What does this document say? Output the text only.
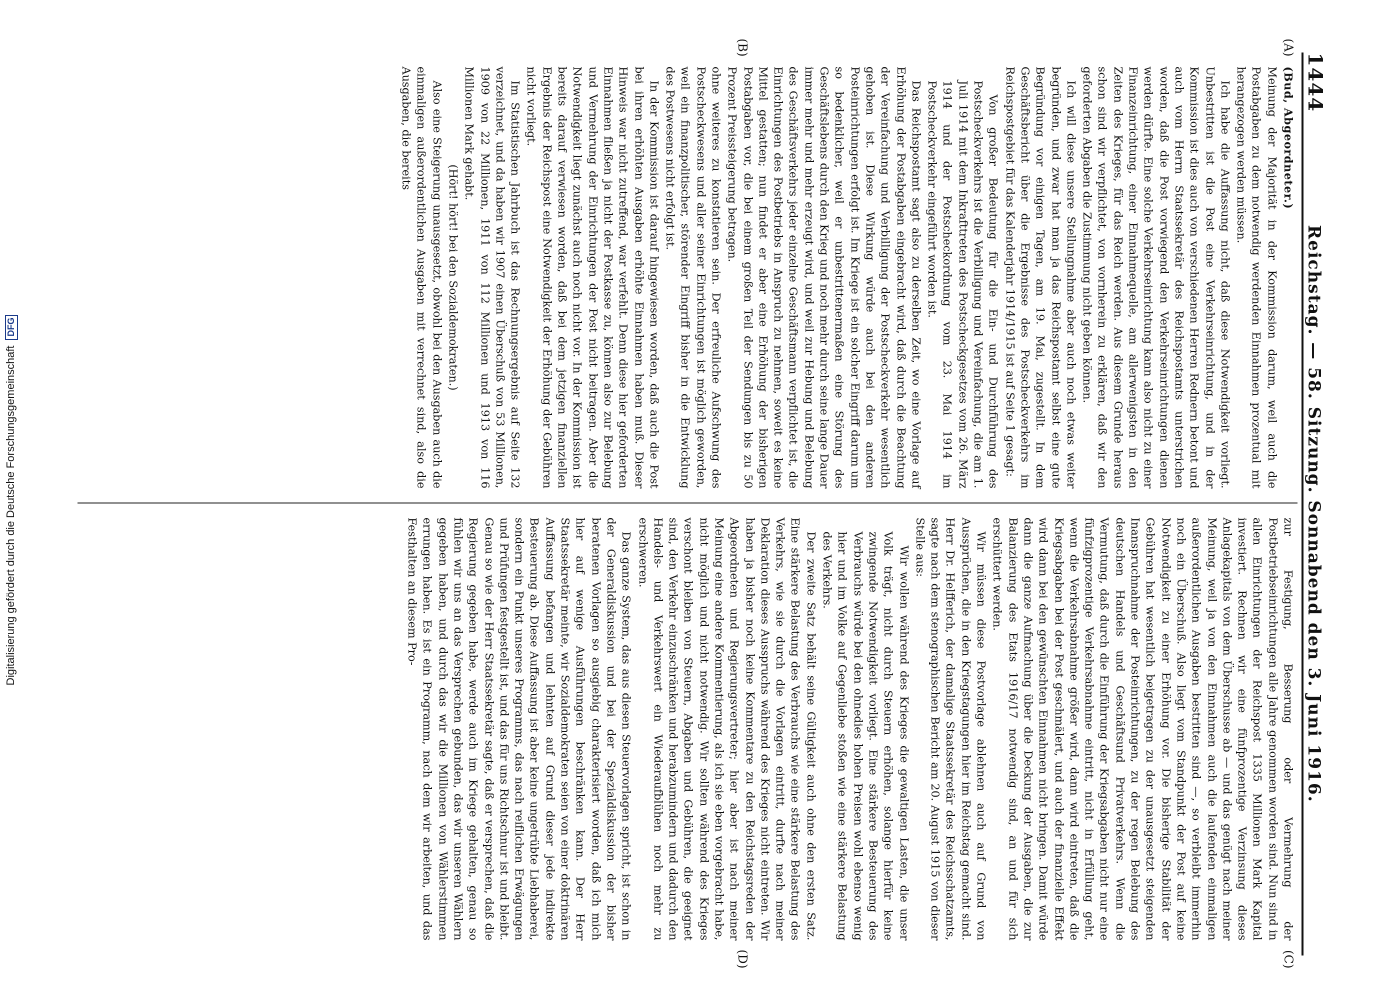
Digitalisierung gefördert durch die Deutsche Forschungsgemeinschaft
DFG
1444
Reichstag. — 58. Sitzung. Sonnabend den 3. Juni 1916.
(A)
(B)

(Bud, Abgeordneter.)

Meinung der Majorität in der Kommission darum, weil auch die Postabgaben zu dem notwendig werdenden Einnahmen prozentual mit herangezogen werden müssen.

Ich habe die Auffassung nicht, daß diese Notwendigkeit vorliegt. Unbestritten ist die Post eine Verkehrseinrichtung, und in der Kommission ist dies auch von verschiedenen Herren Rednern betont und auch vom Herrn Staatssekretär des Reichspostamts unterstrichen worden, daß die Post vorwiegend den Verkehrseinrichtungen dienen werden dürfte. Eine solche Verkehrseinrichtung kann also nicht zu einer Finanzeinrichtung, einer Einnahmequelle, am allerwenigsten in den Zeiten des Krieges, für das Reich werden. Aus diesem Grunde heraus schon sind wir verpflichtet, von vornherein zu erklären, daß wir den geforderten Abgaben die Zustimmung nicht geben können.

Ich will diese unsere Stellungnahme aber auch noch etwas weiter begründen, und zwar hat man ja das Reichspostamt selbst eine gute Begründung vor einigen Tagen, am 19. Mai, zugestellt. In dem Geschäftsbericht über die Ergebnisse des Postscheckverkehrs im Reichspostgebiet für das Kalenderjahr 1914/1915 ist auf Seite 1 gesagt:

Von großer Bedeutung für die Ein- und Durchführung des Postscheckverkehrs ist die Verbilligung und Vereinfachung, die am 1. Juli 1914 mit dem Inkrafttreten des Postscheckgesetzes vom 26. März 1914 und der Postscheckordnung vom 23. Mai 1914 im Postscheckverkehr eingeführt worden ist.

Das Reichspostamt sagt also zu derselben Zeit, wo eine Vorlage auf Erhöhung der Postabgaben eingebracht wird, daß durch die Beachtung der Vereinfachung und Verbilligung der Postscheckverkehr wesentlich gehoben ist. Diese Wirkung würde auch bei den anderen Posteinrichtungen erfolgt ist. Im Kriege ist ein solcher Eingriff darum um so bedenklicher, weil er unbestrittenermaßen eine Störung des Geschäftslebens durch den Krieg und noch mehr durch seine lange Dauer immer mehr und mehr erzeugt wird, und weil zur Hebung und Belebung des Geschäftsverkehrs jeder einzelne Geschäftsmann verpflichtet ist, die Einrichtungen des Postbetriebs in Anspruch zu nehmen, soweit es keine Mittel gestatten; nun findet er aber eine Erhöhung der bisherigen Postabgaben vor, die bei einem großen Teil der Sendungen bis zu 50 Prozent Preissteigerung betragen.

ohne weiteres zu konstatieren sein. Der erfreuliche Aufschwung des Postscheckwesens und aller seiner Einrichtungen ist möglich geworden, weil ein finanzpolitischer, störender Eingriff bisher in die Entwicklung des Postwesens nicht erfolgt ist.

In der Kommission ist darauf hingewiesen worden, daß auch die Post bei ihren erhöhten Ausgaben erhöhte Einnahmen haben muß. Dieser Hinweis war nicht zutreffend, war verfehlt. Denn diese hier geforderten Einnahmen fließen ja nicht der Postkasse zu, können also zur Belebung und Vermehrung der Einrichtungen der Post nicht beitragen. Aber die Notwendigkeit liegt zunächst auch noch nicht vor. In der Kommission ist bereits darauf verwiesen worden, daß bei dem jetzigen finanziellen Ergebnis der Reichspost eine Notwendigkeit der Erhöhung der Gebühren nicht vorliegt.

Im Statistischen Jahrbuch ist das Rechnungsergebnis auf Seite 132 verzeichnet, und da haben wir 1907 einen Überschuß von 53 Millionen, 1909 von 22 Millionen, 1911 von 112 Millionen und 1913 von 116 Millionen Mark gehabt.

(Hört! hört! bei den Sozialdemokraten.)

Also eine Steigerung unausgesetzt, obwohl bei den Ausgaben auch die einmaligen außerordentlichen Ausgaben mit verrechnet sind, also die Ausgaben, die bereits

(C)
(D)

zur Festigung, Besserung oder Vermehrung der Postbetriebseinrichtungen alle Jahre genommen worden sind. Nun sind in allen Einrichtungen der Reichspost 1335 Millionen Mark Kapital investiert. Rechnen wir eine fünfprozentige Verzinsung dieses Anlagekapitals von dem Überschusse ab — und das genügt nach meiner Meinung, weil ja von den Einnahmen auch die laufenden einmaligen außerordentlichen Ausgaben bestritten sind —, so verbleibt immerhin noch ein Überschuß. Also liegt vom Standpunkt der Post auf keine Notwendigkeit zu einer Erhöhung vor. Die bisherige Stabilität der Gebühren hat wesentlich beigetragen zu der unausgesetzt steigenden Inanspruchnahme der Posteinrichtungen, zu der regen Belebung des deutschen Handels und Geschäftsund Privatverkehrs. Wenn die Vermutung, daß durch die Einführung der Kriegsabgaben nicht nur eine fünfzigprozentige Verkehrsabnahme eintritt, nicht in Erfüllung geht, wenn die Verkehrsabnahme größer wird, dann wird eintreten, daß die Kriegsabgaben bei der Post geschmälert, und auch der finanzielle Effekt wird dann bei den gewünschten Einnahmen nicht bringen. Damit würde dann die ganze Aufmachung über die Deckung der Ausgaben, die zur Balanzierung des Etats 1916/17 notwendig sind, an und für sich erschüttert werden.

Wir müssen diese Postvorlage ablehnen auch auf Grund von Aussprüchen, die in den Kriegstagungen hier im Reichstag gemacht sind. Herr Dr. Helfferich, der damalige Staatssekretär des Reichsschatzamts, sagte nach dem stenographischen Bericht am 20. August 1915 von dieser Stelle aus:

Wir wollen während des Krieges die gewaltigen Lasten, die unser Volk trägt, nicht durch Steuern erhöhen, solange hierfür keine zwingende Notwendigkeit vorliegt. Eine stärkere Besteuerung des Verbrauchs würde bei den ohnedies hohen Preisen wohl ebenso wenig hier und im Volke auf Gegenliebe stoßen wie eine stärkere Belastung des Verkehrs.

Der zweite Satz behält seine Gültigkeit auch ohne den ersten Satz. Eine stärkere Belastung des Verbrauchs wie eine stärkere Belastung des Verkehrs, wie sie durch die Vorlagen eintritt, durfte nach meiner Deklaration dieses Ausspruchs während des Krieges nicht eintreten. Wir haben ja bisher noch keine Kommentare zu den Reichstagsreden der Abgeordneten und Regierungsvertreter; hier aber ist nach meiner Meinung eine andere Kommentierung, als ich sie eben vorgebracht habe, nicht möglich und nicht notwendig. Wir sollten während des Krieges verschont bleiben von Steuern, Abgaben und Gebühren, die geeignet sind, den Verkehr einzuschränken und herabzumindern und dadurch den Handels- und Verkehrswert ein Wiederaufblühen noch mehr zu erschweren.

Das ganze System, das aus diesen Steuervorlagen spricht, ist schon in der Generaldiskussion und bei der Spezialdiskussion der bisher beratenen Vorlagen so ausgiebig charakterisiert worden, daß ich mich hier auf wenige Ausführungen beschränken kann. Der Herr Staatssekretär meinte, wir Sozialdemokraten seien von einer doktrinären Auffassung befangen und lehnten auf Grund dieser jede indirekte Besteuerung ab. Diese Auffassung ist aber keine ungetrübte Liebhaberei, sondern ein Punkt unseres Programms, das nach reiflichen Erwägungen und Prüfungen festgestellt ist, und das für uns Richtschnur ist und bleibt. Genau so wie der Herr Staatssekretär sagte, daß er versprechen, daß die Regierung gegeben habe, werde auch im Kriege gehalten, genau so fühlen wir uns an das Versprechen gebunden, das wir unseren Wählern gegeben haben, und durch das wir die Millionen von Wählerstimmen errungen haben. Es ist ein Programm, nach dem wir arbeiten, und das Festhalten an diesem Pro-
